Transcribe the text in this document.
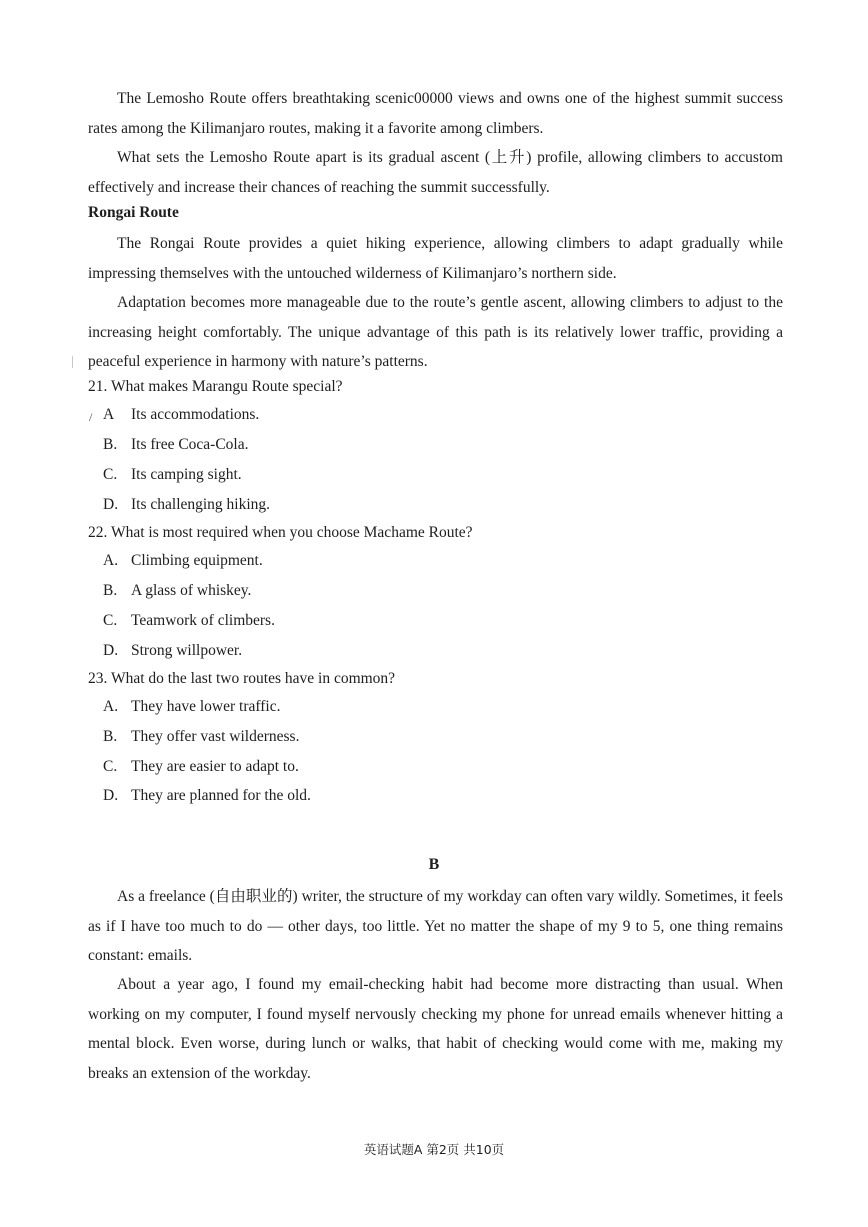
The Lemosho Route offers breathtaking scenic00000 views and owns one of the highest summit success rates among the Kilimanjaro routes, making it a favorite among climbers.

What sets the Lemosho Route apart is its gradual ascent (上升) profile, allowing climbers to accustom effectively and increase their chances of reaching the summit successfully.

Rongai Route

The Rongai Route provides a quiet hiking experience, allowing climbers to adapt gradually while impressing themselves with the untouched wilderness of Kilimanjaro’s northern side.

Adaptation becomes more manageable due to the route’s gentle ascent, allowing climbers to adjust to the increasing height comfortably. The unique advantage of this path is its relatively lower traffic, providing a peaceful experience in harmony with nature’s patterns.

21. What makes Marangu Route special?

/ A Its accommodations.

B. Its free Coca-Cola.

C. Its camping sight.

D. Its challenging hiking.

22. What is most required when you choose Machame Route?

A. Climbing equipment.

B. A glass of whiskey.

C. Teamwork of climbers.

D. Strong willpower.

23. What do the last two routes have in common?

A. They have lower traffic.

B. They offer vast wilderness.

C. They are easier to adapt to.

D. They are planned for the old.

B

As a freelance (自由职业的) writer, the structure of my workday can often vary wildly. Sometimes, it feels as if I have too much to do — other days, too little. Yet no matter the shape of my 9 to 5, one thing remains constant: emails.

About a year ago, I found my email-checking habit had become more distracting than usual. When working on my computer, I found myself nervously checking my phone for unread emails whenever hitting a mental block. Even worse, during lunch or walks, that habit of checking would come with me, making my breaks an extension of the workday.

英语试题A 第2页 共10页
